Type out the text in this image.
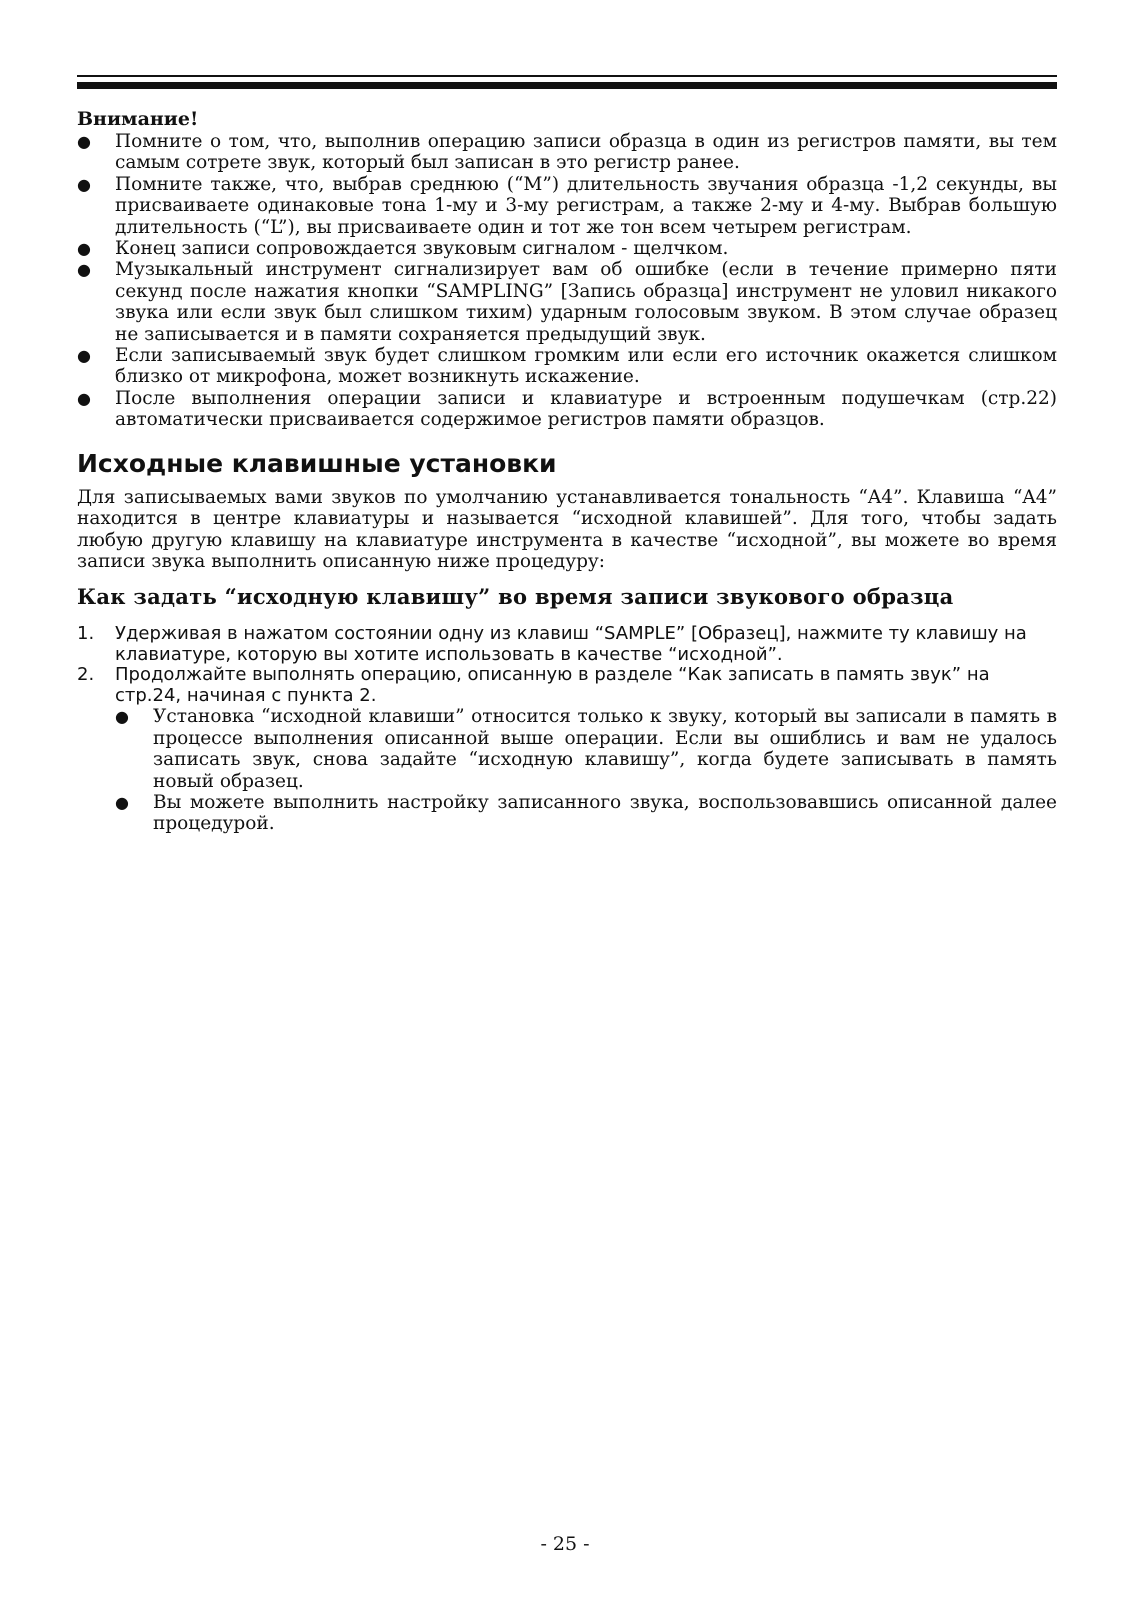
Внимание!

● Помните о том, что, выполнив операцию записи образца в один из регистров памяти, вы тем самым сотрете звук, который был записан в это регистр ранее.
● Помните также, что, выбрав среднюю (“M”) длительность звучания образца -1,2 секунды, вы присваиваете одинаковые тона 1-му и 3-му регистрам, а также 2-му и 4-му. Выбрав большую длительность (“L”), вы присваиваете один и тот же тон всем четырем регистрам.
● Конец записи сопровождается звуковым сигналом - щелчком.
● Музыкальный инструмент сигнализирует вам об ошибке (если в течение примерно пяти секунд после нажатия кнопки “SAMPLING” [Запись образца] инструмент не уловил никакого звука или если звук был слишком тихим) ударным голосовым звуком. В этом случае образец не записывается и в памяти сохраняется предыдущий звук.
● Если записываемый звук будет слишком громким или если его источник окажется слишком близко от микрофона, может возникнуть искажение.
● После выполнения операции записи и клавиатуре и встроенным подушечкам (стр.22) автоматически присваивается содержимое регистров памяти образцов.
Исходные клавишные установки

Для записываемых вами звуков по умолчанию устанавливается тональность “A4”. Клавиша “A4” находится в центре клавиатуры и называется “исходной клавишей”. Для того, чтобы задать любую другую клавишу на клавиатуре инструмента в качестве “исходной”, вы можете во время записи звука выполнить описанную ниже процедуру:

Как задать “исходную клавишу” во время записи звукового образца
1. Удерживая в нажатом состоянии одну из клавиш “SAMPLE” [Образец], нажмите ту клавишу на клавиатуре, которую вы хотите использовать в качестве “исходной”.
2. Продолжайте выполнять операцию, описанную в разделе “Как записать в память звук” на стр.24, начиная с пункта 2.
● Установка “исходной клавиши” относится только к звуку, который вы записали в память в процессе выполнения описанной выше операции. Если вы ошиблись и вам не удалось записать звук, снова задайте “исходную клавишу”, когда будете записывать в память новый образец.
● Вы можете выполнить настройку записанного звука, воспользовавшись описанной далее процедурой.
- 25 -
